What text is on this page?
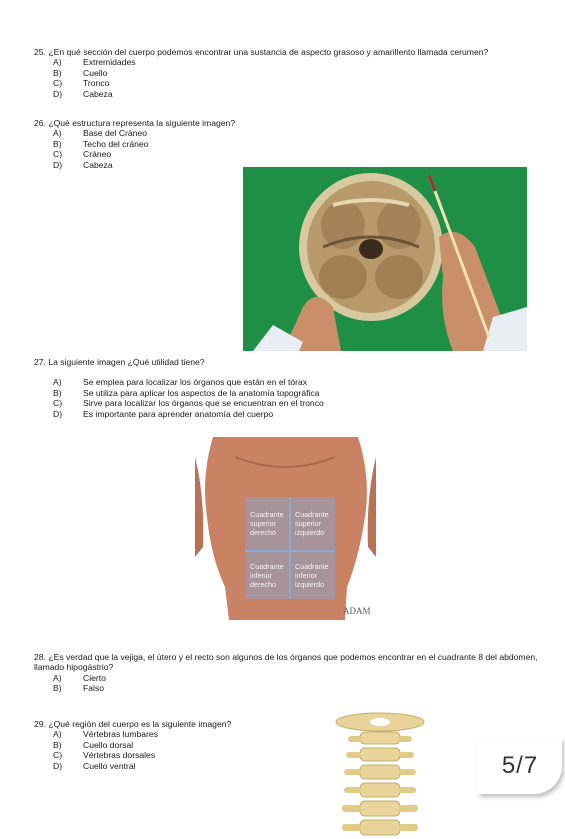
25. ¿En qué sección del cuerpo podemos encontrar una sustancia de aspecto grasoso y amarillento llamada cerumen?
A)	Extremidades
B)	Cuello
C)	Tronco
D)	Cabeza
26. ¿Qué estructura representa la siguiente imagen?
A)	Base del Cráneo
B)	Techo del cráneo
C)	Cráneo
D)	Cabeza
27. La siguiente imagen ¿Qué utilidad tiene?
A)	Se emplea para localizar los órganos que están en el tórax
B)	Se utiliza para aplicar los aspectos de la anatomía topográfica
C)	Sirve para localizar los órganos que se encuentran en el tronco
D)	Es importante para aprender anatomía del cuerpo
Cuadrante
superior
derecho
Cuadrante
superior
izquierdo
Cuadrante
inferior
derecho
Cuadrante
inferior
izquierdo
ADAM
28. ¿Es verdad que la vejiga, el útero y el recto son algunos de los órganos que podemos encontrar en el cuadrante 8 del abdomen, llamado hipogástrio?
A)	Cierto
B)	Falso
29. ¿Qué región del cuerpo es la siguiente imagen?
A)	Vértebras lumbares
B)	Cuello dorsal
C)	Vértebras dorsales
D)	Cuello ventral	5/7
